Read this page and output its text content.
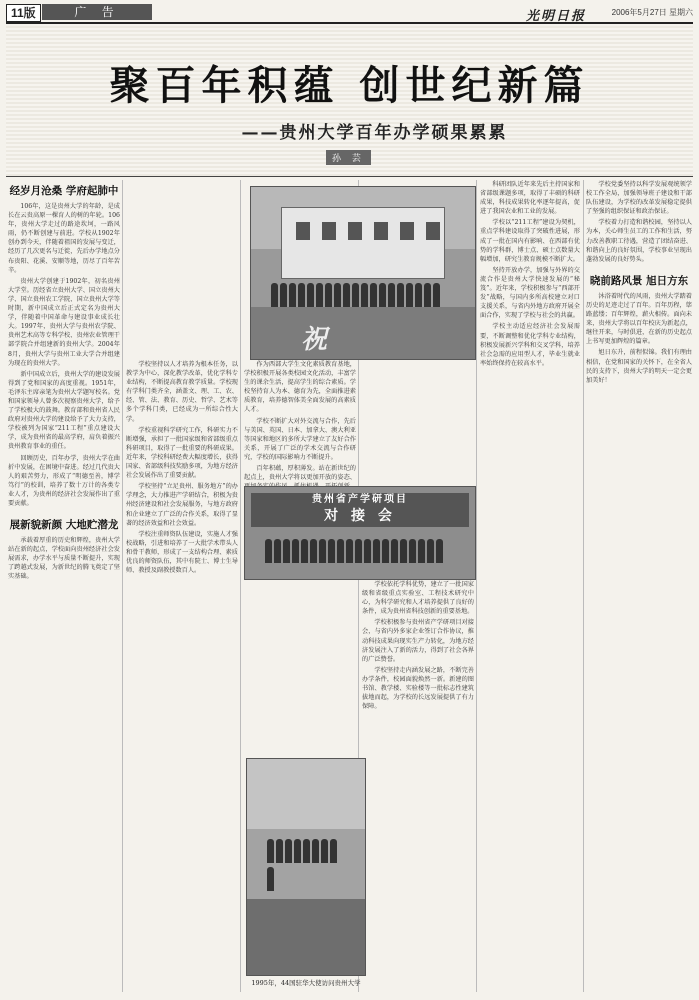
11版	广 告	光明日报	2006年5月27日 星期六
聚百年积蕴 创世纪新篇
——贵州大学百年办学硕果累累
孙 芸
经岁月沧桑 学府起肺中

106年，这是贵州大学的年龄，是成长在云贵高原一棵育人的树的年轮。106年，贵州大学走过的路途坎坷，一路风雨，仍不断创建与前进。学校从1902年创办到今天，伴随着祖国的发展与变迁，经历了几次更名与迁徙，先后办学地点分布贵阳、花溪、安顺等地，历尽了百年苦辛。

贵州大学创建于1902年，初名贵州大学堂。历经省立贵州大学、国立贵州大学、国立贵州农工学院、国立贵州大学等时期，新中国成立后正式定名为贵州大学，伴随着中国革命与建设事业成长壮大。1997年，贵州大学与贵州农学院、贵州艺术高等专科学校、贵州农业管理干部学院合并组建新的贵州大学。2004年8月，贵州大学与贵州工业大学合并组建为现在的贵州大学。

新中国成立后，贵州大学的建设发展得到了党和国家的高度重视。1951年，毛泽东主席亲笔为贵州大学题写校名。党和国家领导人曾多次视察贵州大学，给予了学校极大的鼓舞。教育部和贵州省人民政府对贵州大学的建设给予了大力支持，学校被列为国家“211工程”重点建设大学，成为贵州省的最高学府，肩负着振兴贵州教育事业的重任。

回顾历史，百年办学，贵州大学在曲折中发展，在困境中奋进。经过几代贵大人的艰苦努力，形成了“明德至善，博学笃行”的校训，培养了数十万计的各类专业人才，为贵州的经济社会发展作出了重要贡献。

展新貌新颜 大地贮潜龙

承载着厚重的历史和辉煌，贵州大学站在新的起点，学校面向贵州经济社会发展需求，办学水平与质量不断提升，实现了跨越式发展，为新世纪的腾飞奠定了坚实基础。

学校坚持以人才培养为根本任务，以教学为中心，深化教学改革，优化学科专业结构，不断提高教育教学质量。学校现有学科门类齐全，涵盖文、理、工、农、经、管、法、教育、历史、哲学、艺术等多个学科门类，已经成为一所综合性大学。

学校重视科学研究工作，科研实力不断增强，承担了一批国家级和省部级重点科研项目，取得了一批重要的科研成果。近年来，学校科研经费大幅度增长，获得国家、省部级科技奖励多项，为地方经济社会发展作出了重要贡献。

学校坚持“立足贵州、服务地方”的办学理念，大力推进产学研结合，积极为贵州经济建设和社会发展服务，与地方政府和企业建立了广泛的合作关系，取得了显著的经济效益和社会效益。

学校注重师资队伍建设，实施人才强校战略，引进和培养了一大批学术带头人和骨干教师，形成了一支结构合理、素质优良的师资队伍，其中有院士、博士生导师、教授及副教授数百人。

作为西部大学生文化素质教育基地，学校积极开展各类校园文化活动，丰富学生的课余生活，提高学生的综合素质。学校坚持育人为本、德育为先，全面推进素质教育，培养德智体美全面发展的高素质人才。

学校不断扩大对外交流与合作，先后与美国、英国、日本、加拿大、澳大利亚等国家和地区的多所大学建立了友好合作关系，开展了广泛的学术交流与合作研究，学校的国际影响力不断提升。

百年积蕴，厚积薄发。站在新世纪的起点上，贵州大学将以更加开放的姿态、

学校依托学科优势，建立了一批国家级和省级重点实验室、工程技术研究中心，为科学研究和人才培养提供了良好的条件，成为贵州省科技创新的重要基地。

学校积极参与贵州省产学研项目对接会，与省内外多家企业签订合作协议，推动科技成果向现实生产力转化，为地方经济发展注入了新的活力，得到了社会各界的广泛赞誉。

学校坚持走内涵发展之路，不断完善办学条件，校园面貌焕然一新。新建的图书馆、教学楼、实验楼等一批标志性建筑拔地而起，为学校的长远发展提供了有力保障。

科研团队近年来先后主持国家和省部级课题多项，取得了丰硕的科研成果，科技成果转化率逐年提高，促进了我国农业和工业的发展。

学校以“211工程”建设为契机，重点学科建设取得了突破性进展，形成了一批在国内有影响、在西部有优势的学科群，博士点、硕士点数量大幅增加，研究生教育规模不断扩大。

坚持开放办学，加强与外界的交流合作是贵州大学快速发展的“秘笈”。近年来，学校积极参与“西部开发”战略，与国内多所高校建立对口支援关系，与省内外地方政府开展全面合作，实现了学校与社会的共赢。

学校主动适应经济社会发展需要，不断调整和优化学科专业结构，积极发展新兴学科和交叉学科，培养社会急需的应用型人才，毕业生就业率始终保持在较高水平。

学校党委坚持以科学发展观统领学校工作全局，加强领导班子建设和干部队伍建设，为学校的改革发展稳定提供了坚强的组织保证和政治保证。

学校着力打造和谐校园，坚持以人为本，关心师生员工的工作和生活，努力改善教职工待遇，营造了团结奋进、和谐向上的良好氛围，学校事业呈现出蓬勃发展的良好势头。

晓前路风景 旭日方东

沐浴着时代的风雨，贵州大学踏着历史的足迹走过了百年。百年历程，筚路蓝缕；百年辉煌，薪火相传。面向未来，贵州大学将以百年校庆为新起点，继往开来，与时俱进，在新的历史起点上书写更加辉煌的篇章。

旭日东升，前程似锦。我们有理由相信，在党和国家的关怀下，在全省人民的支持下，贵州大学的明天一定会更加美好！

祝
贵州省产学研项目
对 接 会
1995年，44国驻华大使访问贵州大学
